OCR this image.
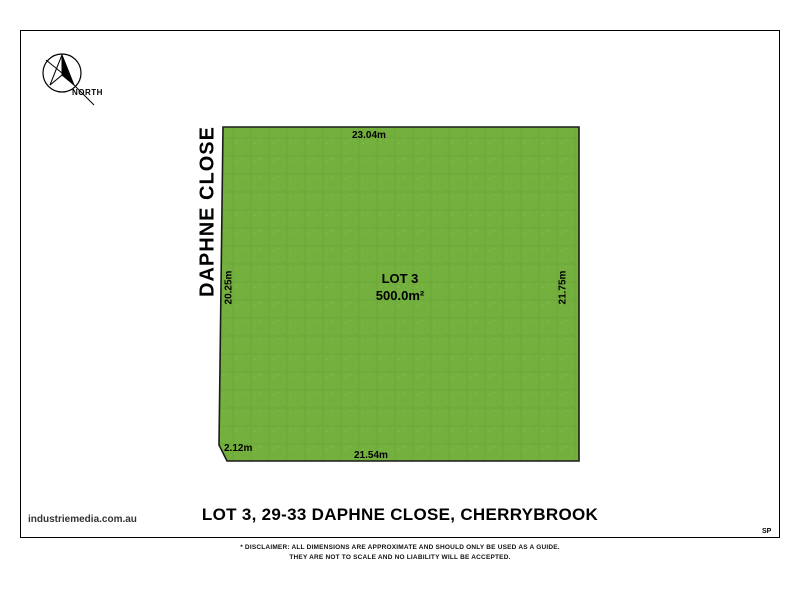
NORTH
DAPHNE CLOSE	LOT 3
500.0m²
23.04m
21.54m
20.25m	21.75m
2.12m
LOT 3, 29-33 DAPHNE CLOSE, CHERRYBROOK
industriemedia.com.au
SP
* DISCLAIMER: ALL DIMENSIONS ARE APPROXIMATE AND SHOULD ONLY BE USED AS A GUIDE.
THEY ARE NOT TO SCALE AND NO LIABILITY WILL BE ACCEPTED.
